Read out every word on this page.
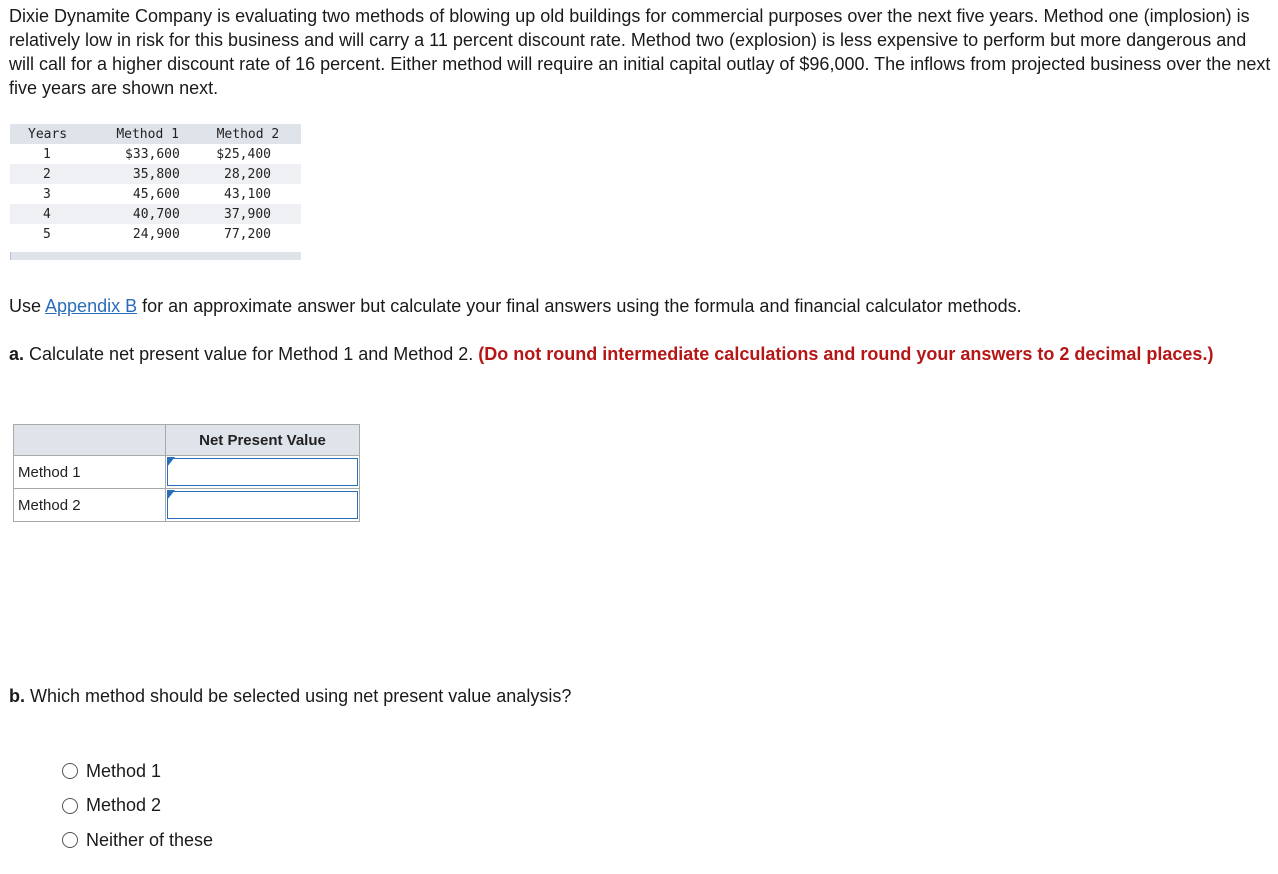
Dixie Dynamite Company is evaluating two methods of blowing up old buildings for commercial purposes over the next five years. Method one (implosion) is relatively low in risk for this business and will carry a 11 percent discount rate. Method two (explosion) is less expensive to perform but more dangerous and will call for a higher discount rate of 16 percent. Either method will require an initial capital outlay of $96,000. The inflows from projected business over the next five years are shown next.

Years	Method 1	Method 2
1	$33,600	$25,400
2	35,800	28,200
3	45,600	43,100
4	40,700	37,900
5	24,900	77,200

Use Appendix B for an approximate answer but calculate your final answers using the formula and financial calculator methods.

a. Calculate net present value for Method 1 and Method 2. (Do not round intermediate calculations and round your answers to 2 decimal places.)

	Net Present Value
Method 1	

Method 2	

b. Which method should be selected using net present value analysis?

Method 1
Method 2
Neither of these
